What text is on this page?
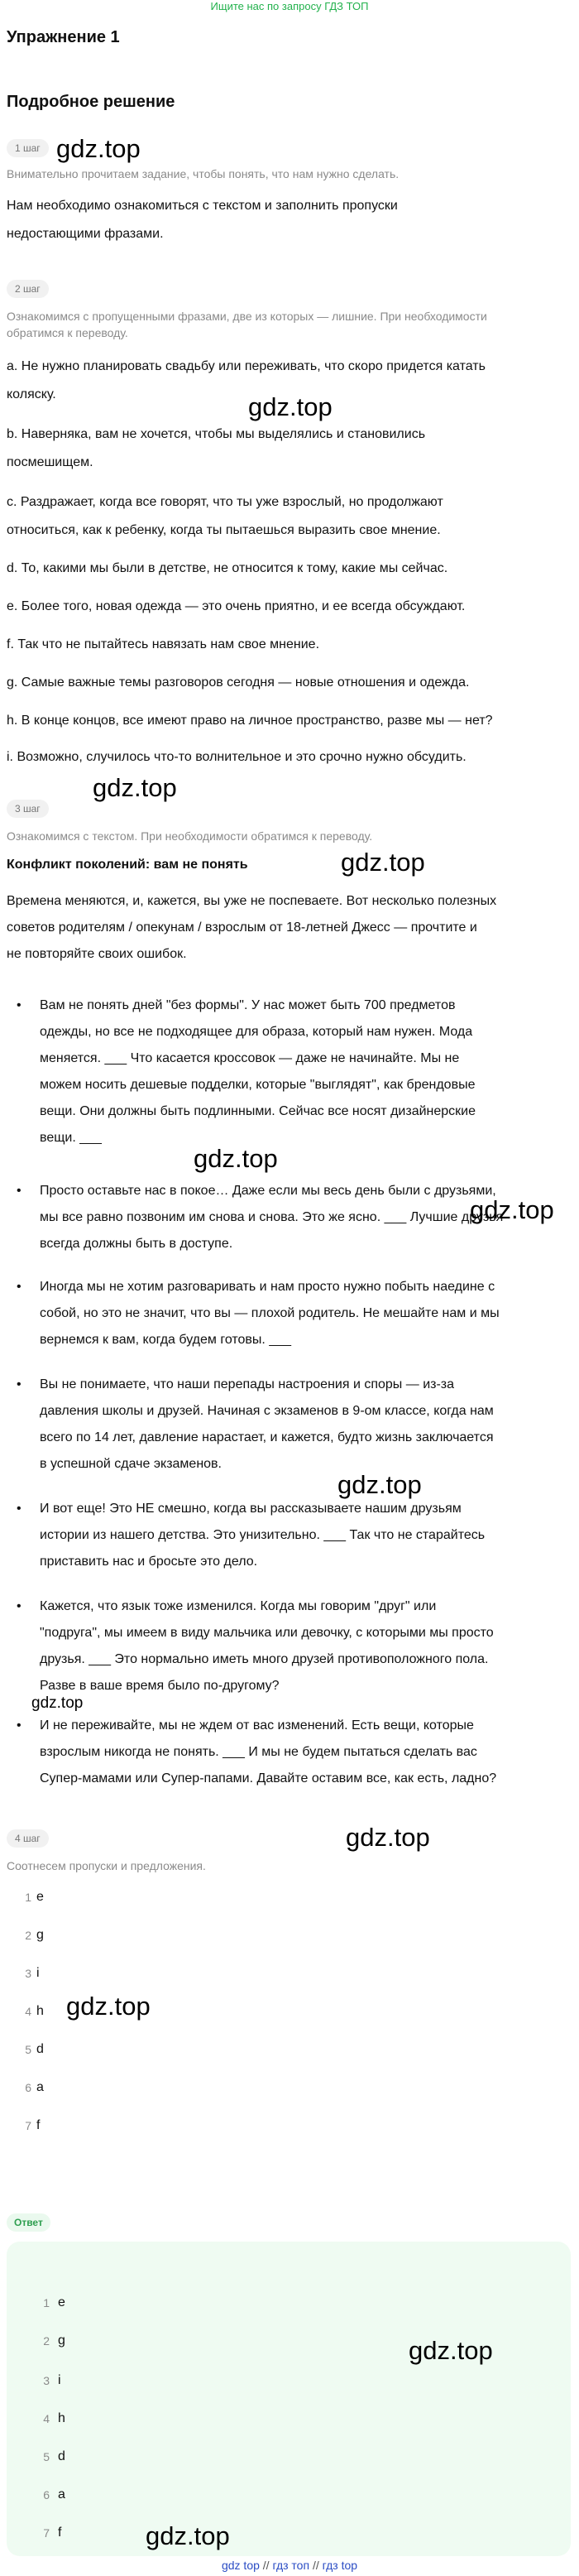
Ищите нас по запросу ГДЗ ТОП
Упражнение 1
Подробное решение
1 шаг gdz.top
Внимательно прочитаем задание, чтобы понять, что нам нужно сделать.
Нам необходимо ознакомиться с текстом и заполнить пропуски
недостающими фразами.
2 шаг
Ознакомимся с пропущенными фразами, две из которых — лишние. При необходимости
обратимся к переводу.
a. He нужно планировать свадьбу или переживать, что скоро придется катать
коляску.	gdz.top
b. Наверняка, вам не хочется, чтобы мы выделялись и становились
посмешищем.
c. Раздражает, когда все говорят, что ты уже взрослый, но продолжают
относиться, как к ребенку, когда ты пытаешься выразить свое мнение.
d. То, какими мы были в детстве, не относится к тому, какие мы сейчас.
e. Более того, новая одежда — это очень приятно, и ее всегда обсуждают.
f. Так что не пытайтесь навязать нам свое мнение.
g. Самые важные темы разговоров сегодня — новые отношения и одежда.
h. В конце концов, все имеют право на личное пространство, разве мы — нет?
i. Возможно, случилось что-то волнительное и это срочно нужно обсудить.
gdz.top
3 шаг
gdz.top
Ознакомимся с текстом. При необходимости обратимся к переводу.
Конфликт поколений: вам не понять
Времена меняются, и, кажется, вы уже не поспеваете. Вот несколько полезных
советов родителям / опекунам / взрослым от 18-летней Джесс — прочтите и
не повторяйте своих ошибок.
•	Вам не понять дней "без формы". У нас может быть 700 предметов
одежды, но все не подходящее для образа, который нам нужен. Мода
меняется. ___ Что касается кроссовок — даже не начинайте. Мы не
можем носить дешевые подделки, которые "выглядят", как брендовые
вещи. Они должны быть подлинными. Сейчас все носят дизайнерские
вещи. ___
gdz.top
•	Просто оставьте нас в покое… Даже если мы весь день были с друзьями,
мы все равно позвоним им снова и снова. Это же ясно. ___ Лучшие друзья
всегда должны быть в доступе.
gdz.top
•	Иногда мы не хотим разговаривать и нам просто нужно побыть наедине с
собой, но это не значит, что вы — плохой родитель. Не мешайте нам и мы
вернемся к вам, когда будем готовы. ___
•	Вы не понимаете, что наши перепады настроения и споры — из-за
давления школы и друзей. Начиная с экзаменов в 9-ом классе, когда нам
всего по 14 лет, давление нарастает, и кажется, будто жизнь заключается
в успешной сдаче экзаменов.
gdz.top
•	И вот еще! Это НЕ смешно, когда вы рассказываете нашим друзьям
истории из нашего детства. Это унизительно. ___ Так что не старайтесь
приставить нас и бросьте это дело.
•	Кажется, что язык тоже изменился. Когда мы говорим "друг" или
"подруга", мы имеем в виду мальчика или девочку, с которыми мы просто
друзья. ___ Это нормально иметь много друзей противоположного пола.
Разве в ваше время было по-другому?
gdz.top
•	И не переживайте, мы не ждем от вас изменений. Есть вещи, которые
взрослым никогда не понять. ___ И мы не будем пытаться сделать вас
Супер-мамами или Супер-папами. Давайте оставим все, как есть, ладно?
gdz.top
4 шаг
Соотнесем пропуски и предложения.
1 e
2 g
3 i
4 h gdz.top
5 d
6 a
7 f
Ответ
1 e
2 g
3 i
gdz.top
4 h
5 d
6 a
7 f	gdz.top
gdz top // гдз топ // гдз top
